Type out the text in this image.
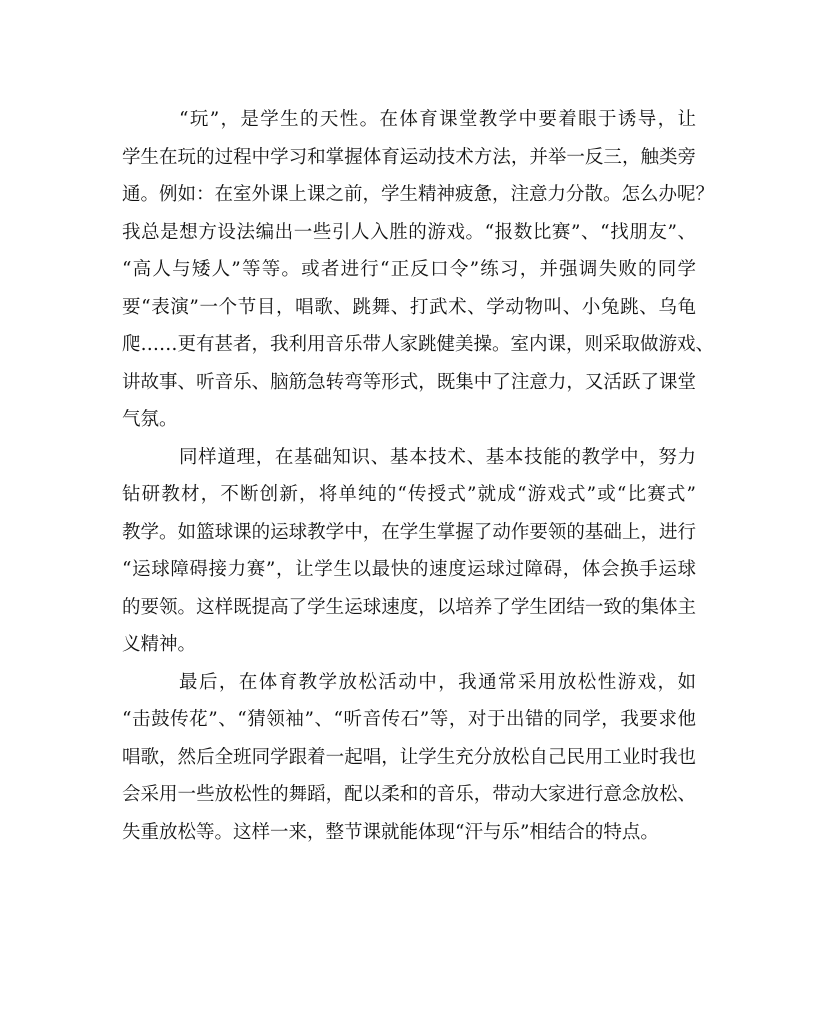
“玩”，是学生的天性。在体育课堂教学中要着眼于诱导，让
学生在玩的过程中学习和掌握体育运动技术方法，并举一反三，触类旁
通。例如：在室外课上课之前，学生精神疲惫，注意力分散。怎么办呢？
我总是想方设法编出一些引人入胜的游戏。“报数比赛”、“找朋友”、
“高人与矮人”等等。或者进行“正反口令”练习，并强调失败的同学
要“表演”一个节目，唱歌、跳舞、打武术、学动物叫、小兔跳、乌龟
爬……更有甚者，我利用音乐带人家跳健美操。室内课，则采取做游戏、
讲故事、听音乐、脑筋急转弯等形式，既集中了注意力，又活跃了课堂
气氛。
同样道理，在基础知识、基本技术、基本技能的教学中，努力
钻研教材，不断创新，将单纯的“传授式”就成“游戏式”或“比赛式”
教学。如篮球课的运球教学中，在学生掌握了动作要领的基础上，进行
“运球障碍接力赛”，让学生以最快的速度运球过障碍，体会换手运球
的要领。这样既提高了学生运球速度，以培养了学生团结一致的集体主
义精神。
最后，在体育教学放松活动中，我通常采用放松性游戏，如
“击鼓传花”、“猜领袖”、“听音传石”等，对于出错的同学，我要求他
唱歌，然后全班同学跟着一起唱，让学生充分放松自己民用工业时我也
会采用一些放松性的舞蹈，配以柔和的音乐，带动大家进行意念放松、
失重放松等。这样一来，整节课就能体现“汗与乐”相结合的特点。
